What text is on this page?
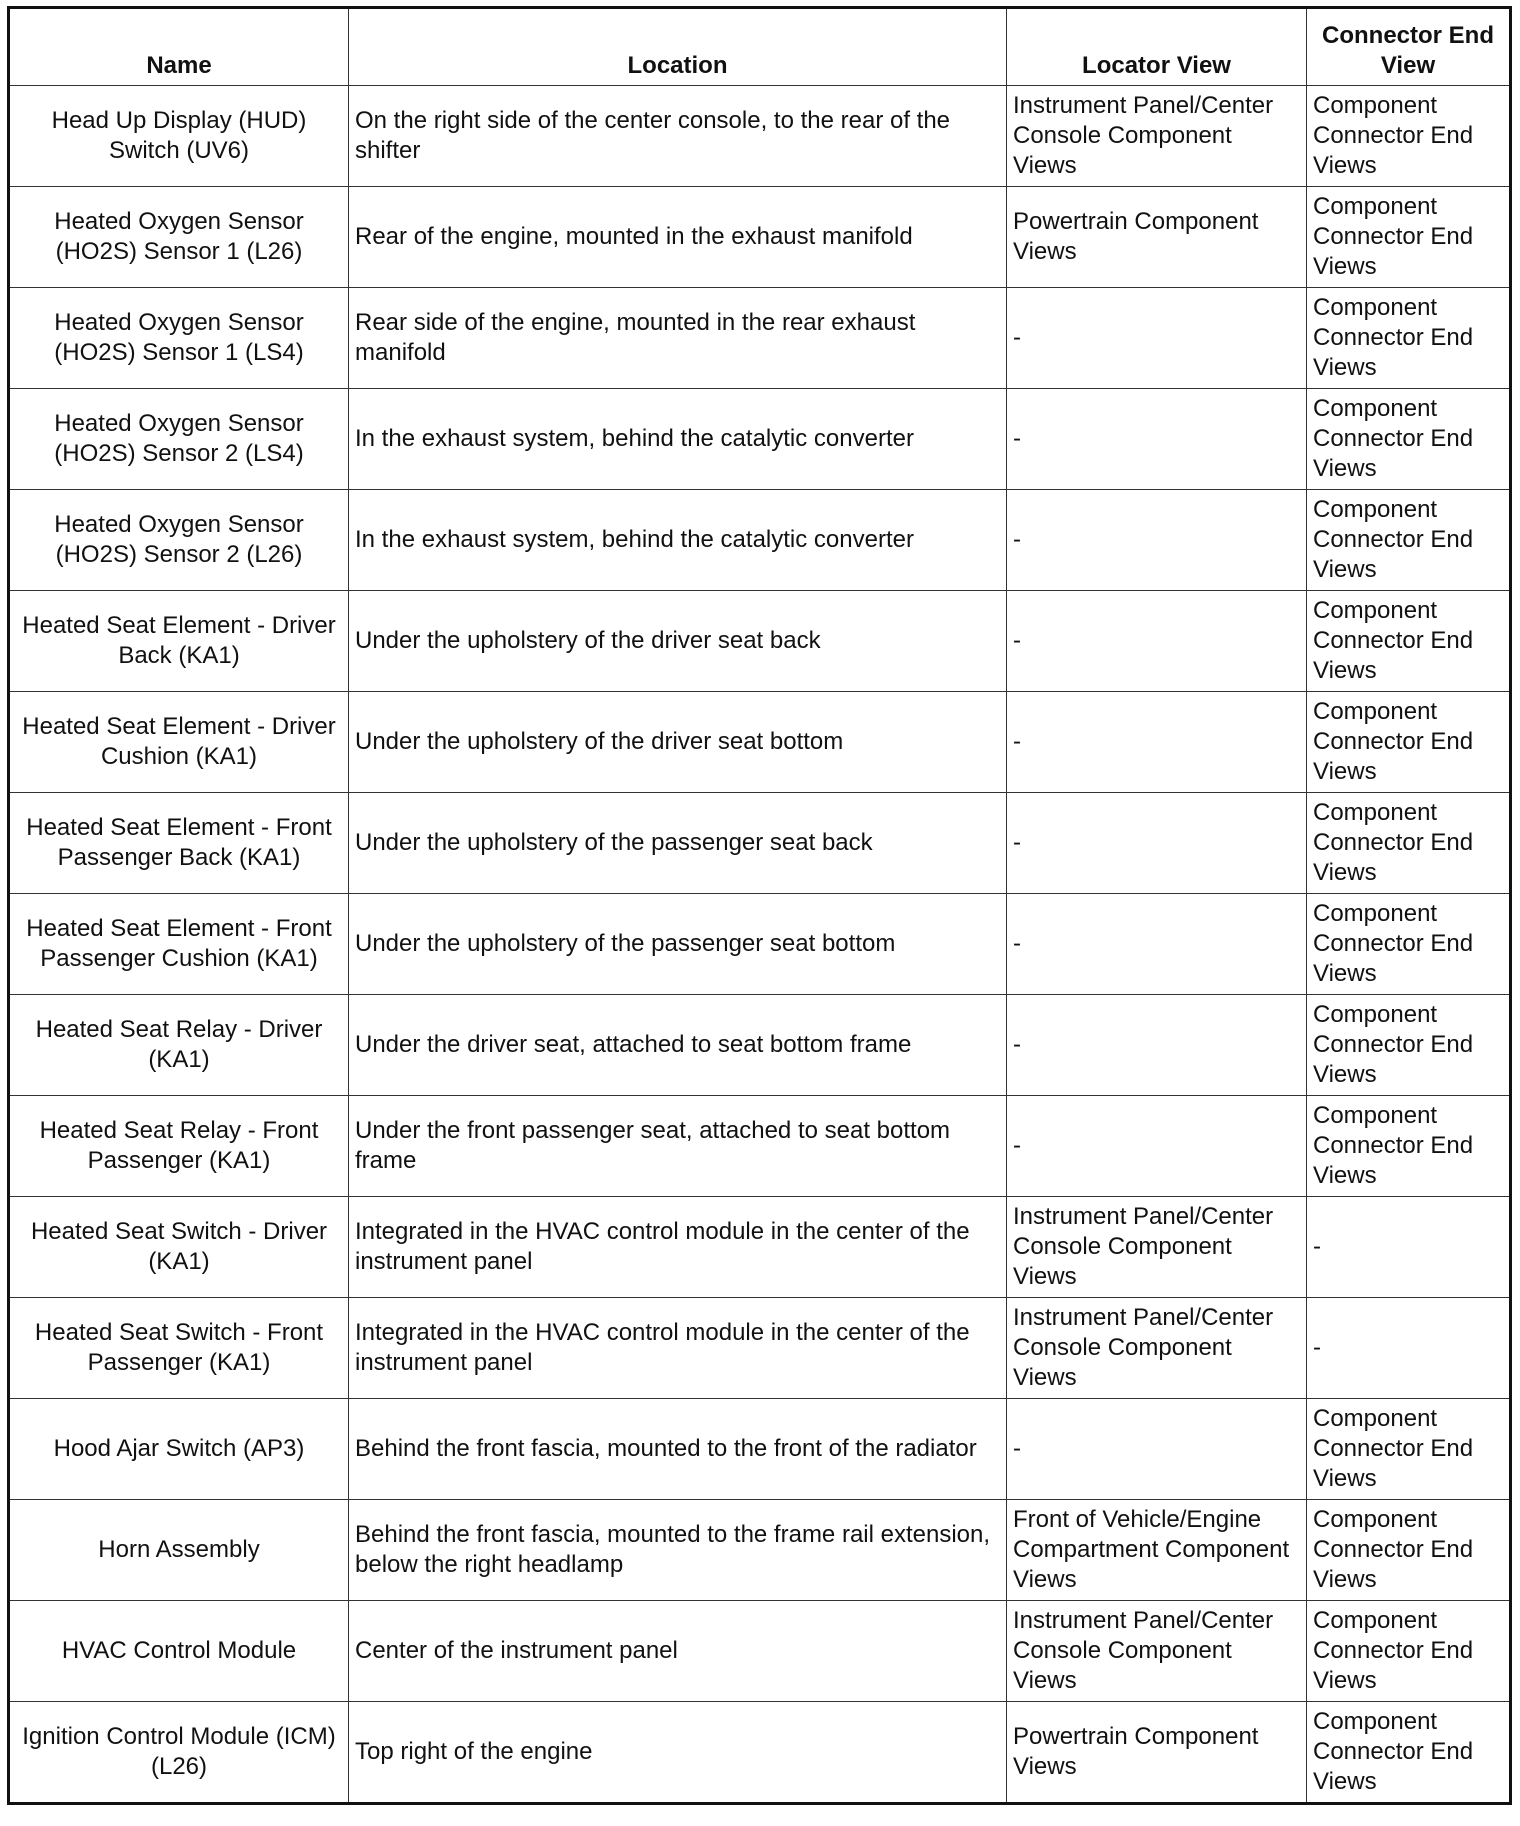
Name	Location	Locator View	Connector End View
Head Up Display (HUD) Switch (UV6)	On the right side of the center console, to the rear of the shifter	Instrument Panel/Center Console Component Views	Component Connector End Views
Heated Oxygen Sensor (HO2S) Sensor 1 (L26)	Rear of the engine, mounted in the exhaust manifold	Powertrain Component Views	Component Connector End Views
Heated Oxygen Sensor (HO2S) Sensor 1 (LS4)	Rear side of the engine, mounted in the rear exhaust manifold	-	Component Connector End Views
Heated Oxygen Sensor (HO2S) Sensor 2 (LS4)	In the exhaust system, behind the catalytic converter	-	Component Connector End Views
Heated Oxygen Sensor (HO2S) Sensor 2 (L26)	In the exhaust system, behind the catalytic converter	-	Component Connector End Views
Heated Seat Element - Driver Back (KA1)	Under the upholstery of the driver seat back	-	Component Connector End Views
Heated Seat Element - Driver Cushion (KA1)	Under the upholstery of the driver seat bottom	-	Component Connector End Views
Heated Seat Element - Front Passenger Back (KA1)	Under the upholstery of the passenger seat back	-	Component Connector End Views
Heated Seat Element - Front Passenger Cushion (KA1)	Under the upholstery of the passenger seat bottom	-	Component Connector End Views
Heated Seat Relay - Driver (KA1)	Under the driver seat, attached to seat bottom frame	-	Component Connector End Views
Heated Seat Relay - Front Passenger (KA1)	Under the front passenger seat, attached to seat bottom frame	-	Component Connector End Views
Heated Seat Switch - Driver (KA1)	Integrated in the HVAC control module in the center of the instrument panel	Instrument Panel/Center Console Component Views	-
Heated Seat Switch - Front Passenger (KA1)	Integrated in the HVAC control module in the center of the instrument panel	Instrument Panel/Center Console Component Views	-
Hood Ajar Switch (AP3)	Behind the front fascia, mounted to the front of the radiator	-	Component Connector End Views
Horn Assembly	Behind the front fascia, mounted to the frame rail extension, below the right headlamp	Front of Vehicle/Engine Compartment Component Views	Component Connector End Views
HVAC Control Module	Center of the instrument panel	Instrument Panel/Center Console Component Views	Component Connector End Views
Ignition Control Module (ICM) (L26)	Top right of the engine	Powertrain Component Views	Component Connector End Views
